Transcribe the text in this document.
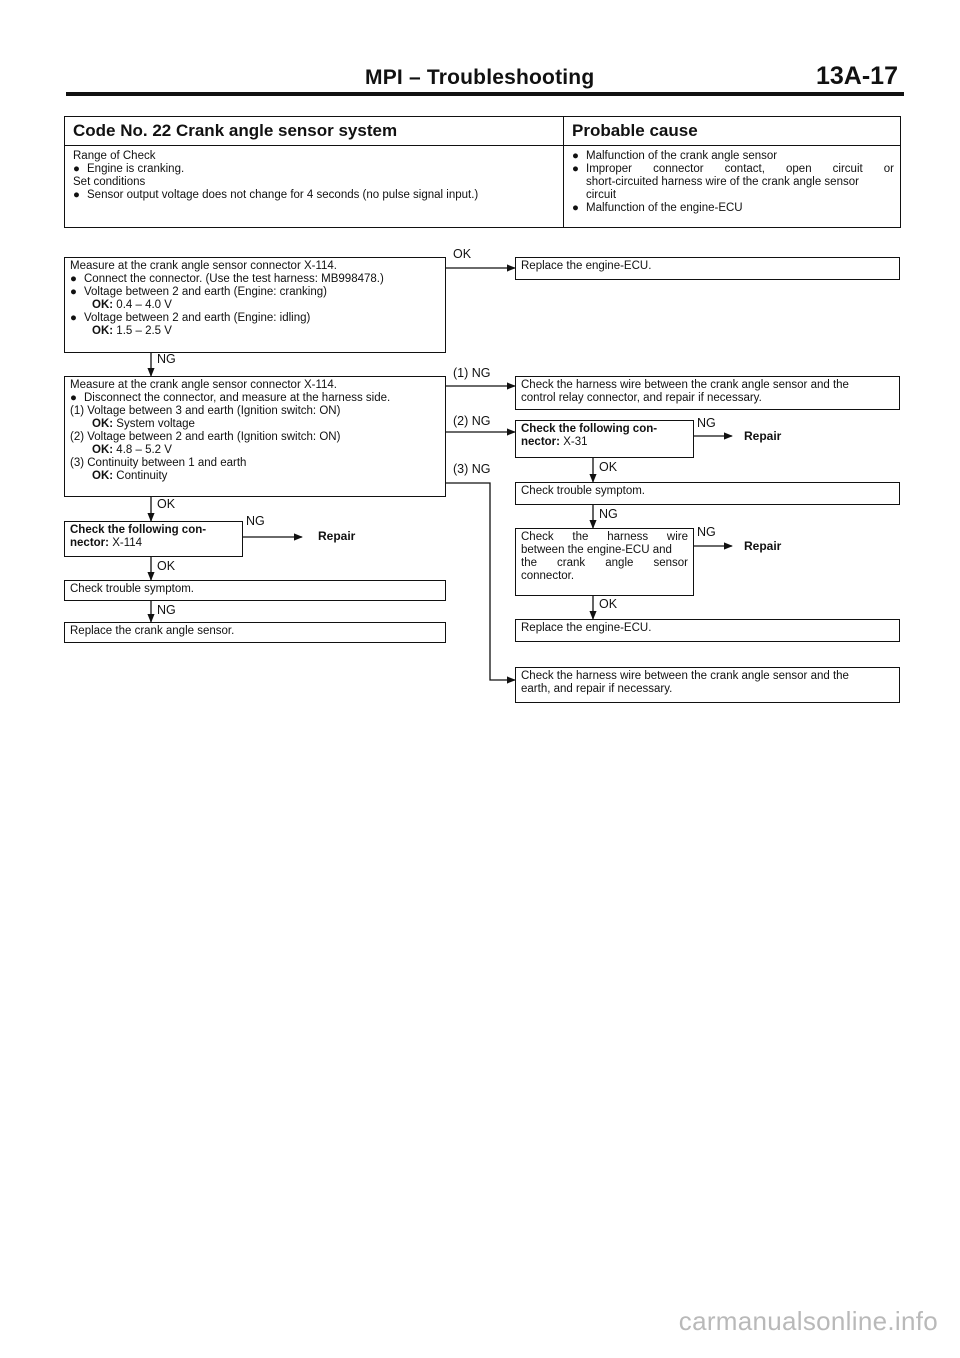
MPI – Troubleshooting	13A-17
Code No. 22 Crank angle sensor system
Range of Check
● Engine is cranking.
Set conditions
● Sensor output voltage does not change for 4 seconds (no pulse signal input.)
Probable cause
● Malfunction of the crank angle sensor
● Improper connector contact, open circuit or
short-circuited harness wire of the crank angle sensor
circuit
● Malfunction of the engine-ECU
Measure at the crank angle sensor connector X-114.
● Connect the connector. (Use the test harness: MB998478.)
● Voltage between 2 and earth (Engine: cranking)
OK: 0.4 – 4.0 V
● Voltage between 2 and earth (Engine: idling)
OK: 1.5 – 2.5 V
Measure at the crank angle sensor connector X-114.
● Disconnect the connector, and measure at the harness side.
(1) Voltage between 3 and earth (Ignition switch: ON)
OK: System voltage
(2) Voltage between 2 and earth (Ignition switch: ON)
OK: 4.8 – 5.2 V
(3) Continuity between 1 and earth
OK: Continuity
Check the following con-
nector: X-114
Check trouble symptom.
Replace the crank angle sensor.
Replace the engine-ECU.
Check the harness wire between the crank angle sensor and the
control relay connector, and repair if necessary.
Check the following con-
nector: X-31
Check trouble symptom.
Check the harness wire
between the engine-ECU and
the crank angle sensor
connector.
Replace the engine-ECU.
Check the harness wire between the crank angle sensor and the
earth, and repair if necessary.
OK
NG
(1) NG
(2) NG
(3) NG
OK
NG
Repair
OK
NG
NG
Repair
OK
NG
NG
Repair
OK
carmanualsonline.info
